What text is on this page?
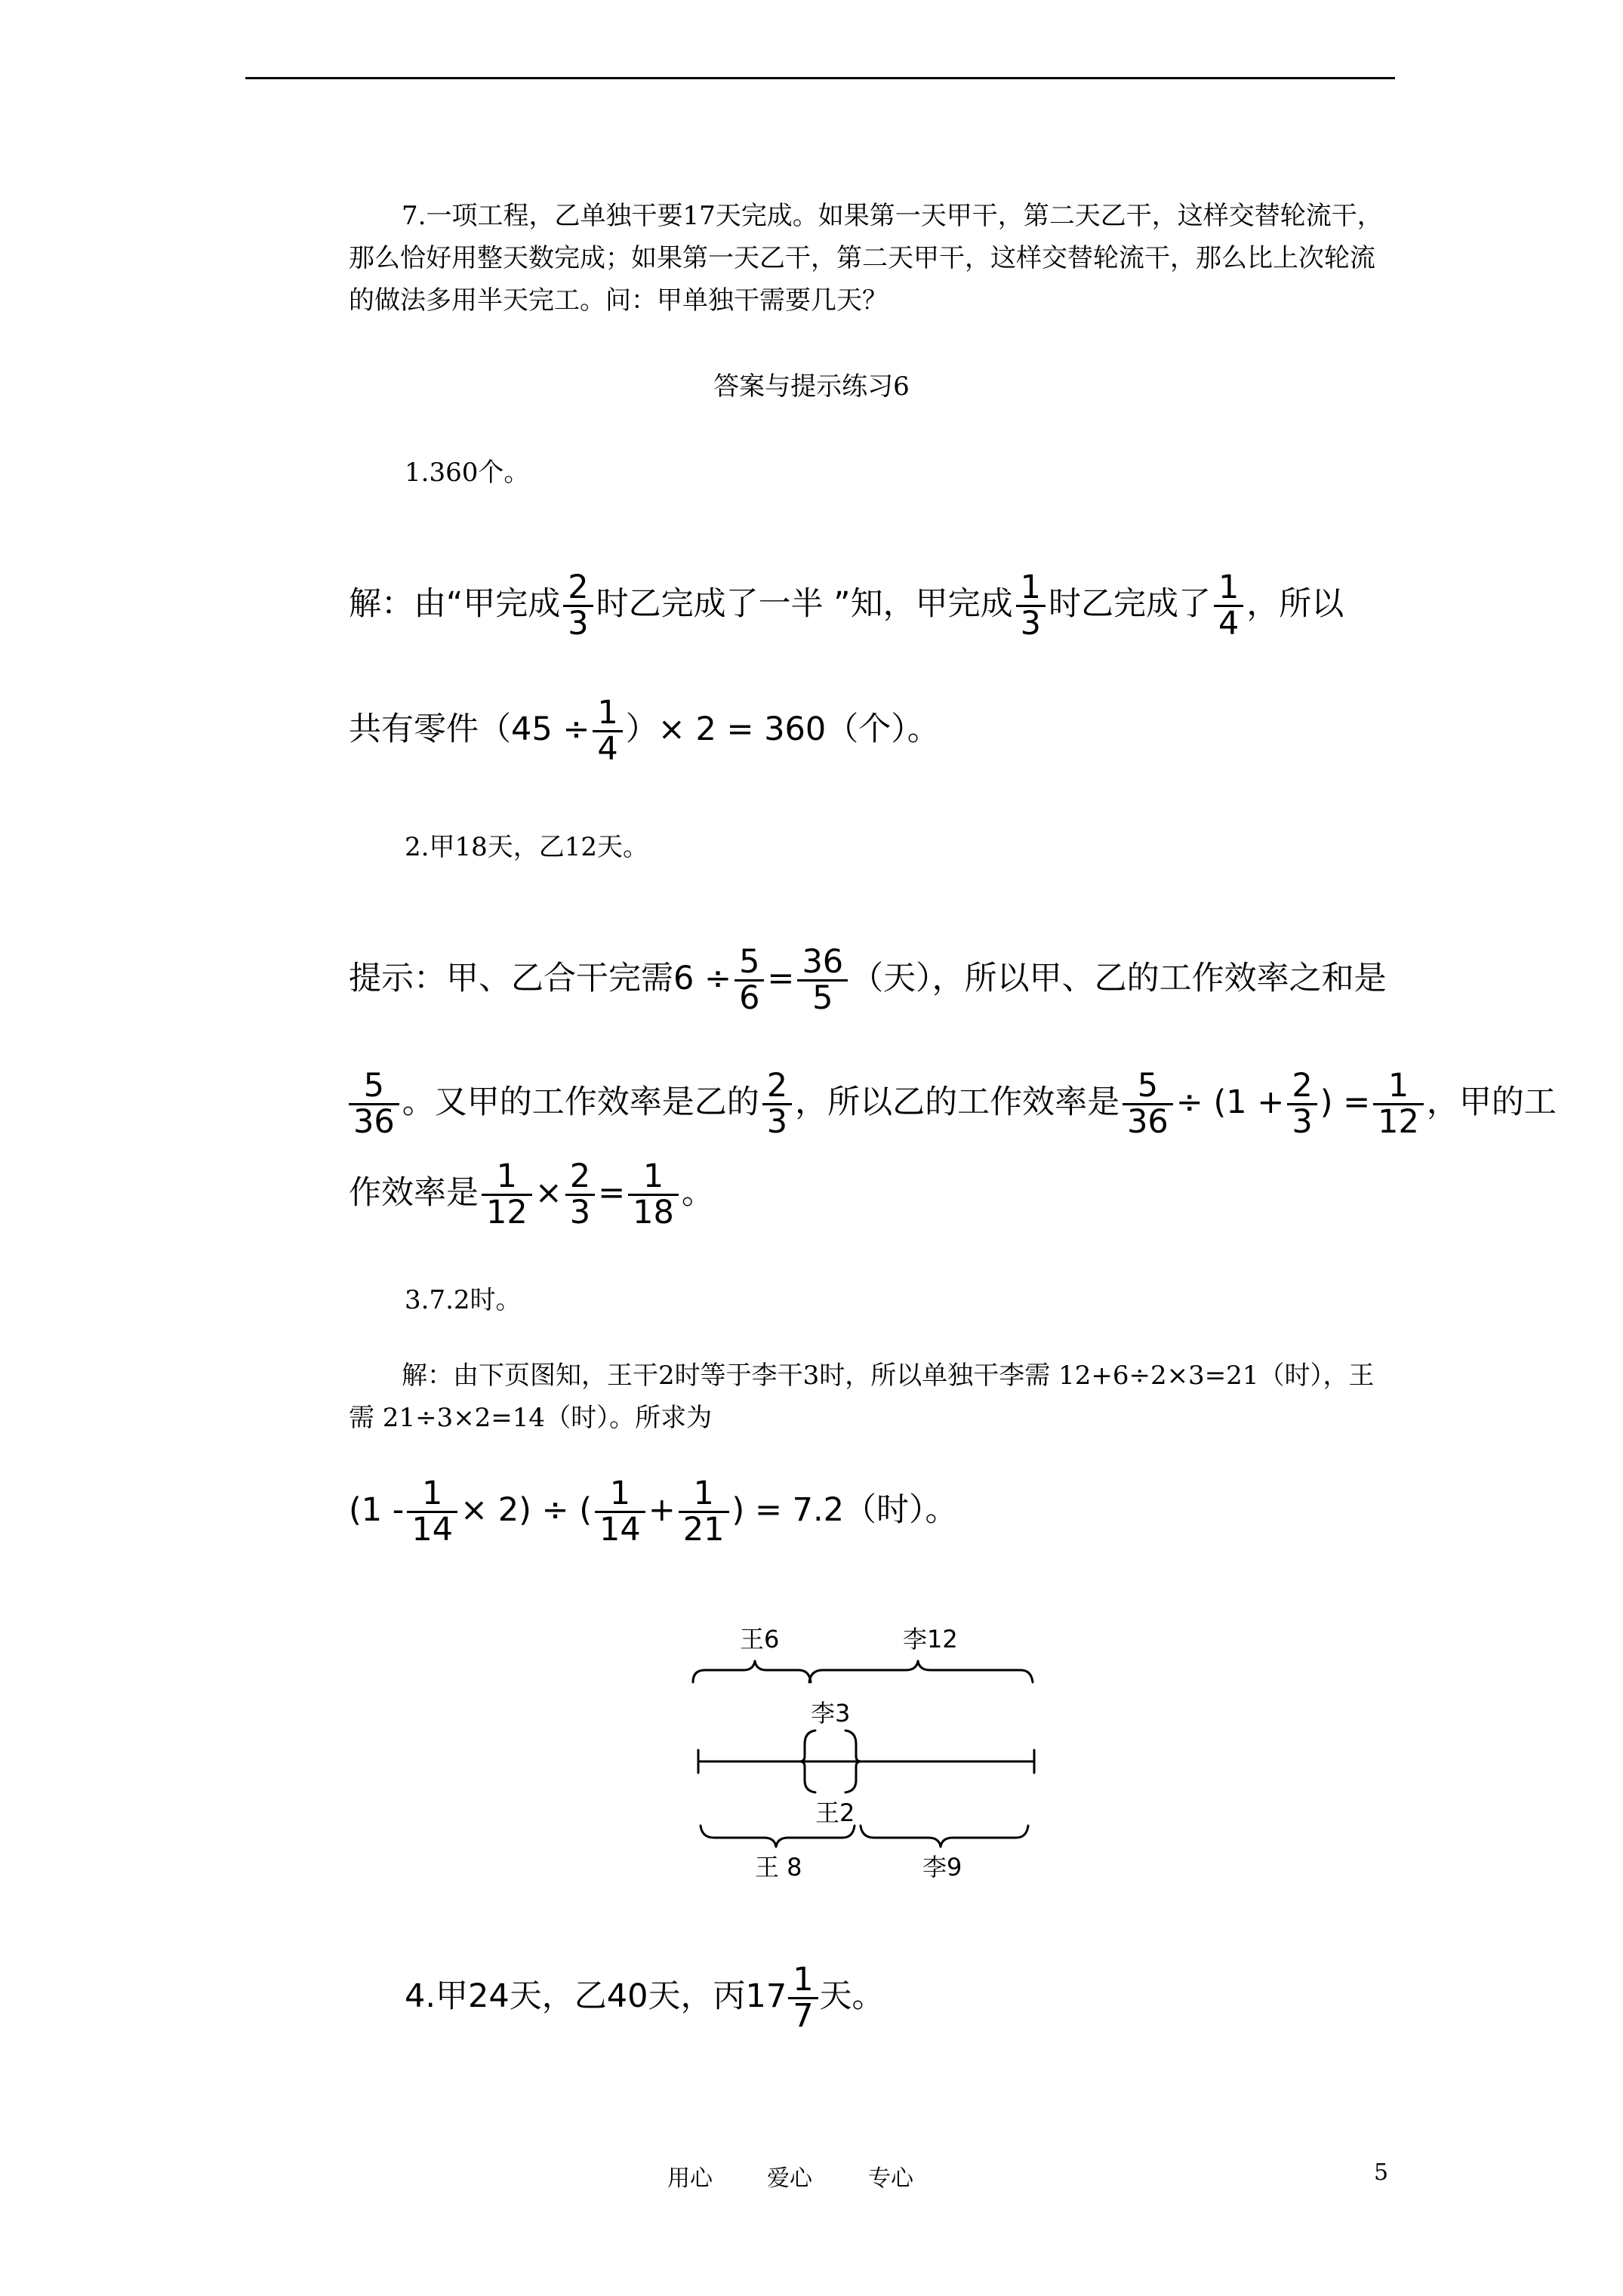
7.一项工程，乙单独干要17天完成。如果第一天甲干，第二天乙干，这样交替轮流干，那么恰好用整天数完成；如果第一天乙干，第二天甲干，这样交替轮流干，那么比上次轮流的做法多用半天完工。问：甲单独干需要几天？
答案与提示练习6
1.360个。
解：由“甲完成 $\frac{2}{3}$ 时乙完成了一半 ”知，甲完成 $\frac{1}{3}$ 时乙完成了 $\frac{1}{4}$ ，所以
共有零件（$45 \div \frac{1}{4}$ ）× 2 = 360（个）。
2.甲18天，乙12天。
提示：甲、乙合干完需$6 \div \frac{5}{6} = \frac{36}{5}$ （天），所以甲、乙的工作效率之和是
$\frac{5}{36}$ 。又甲的工作效率是乙的 $\frac{2}{3}$ ，所以乙的工作效率是 $\frac{5}{36} \div (1 + \frac{2}{3}$ ) = $\frac{1}{12}$ ，甲的工
作效率是 $\frac{1}{12} \times \frac{2}{3} = \frac{1}{18}$ 。
3.7.2时。
解：由下页图知，王干2时等于李干3时，所以单独干李需 12+6÷2×3=21（时），王需 21÷3×2=14（时）。所求为
$(1 - \frac{1}{14} \times 2)$ ÷ ( $\frac{1}{14} + \frac{1}{21}$ ) = 7.2（时）。
王6	李12
李3
王2
王 8	李9
4.甲24天，乙40天，丙$17 \frac{1}{7}$ 天。
用心 爱心 专心	5
